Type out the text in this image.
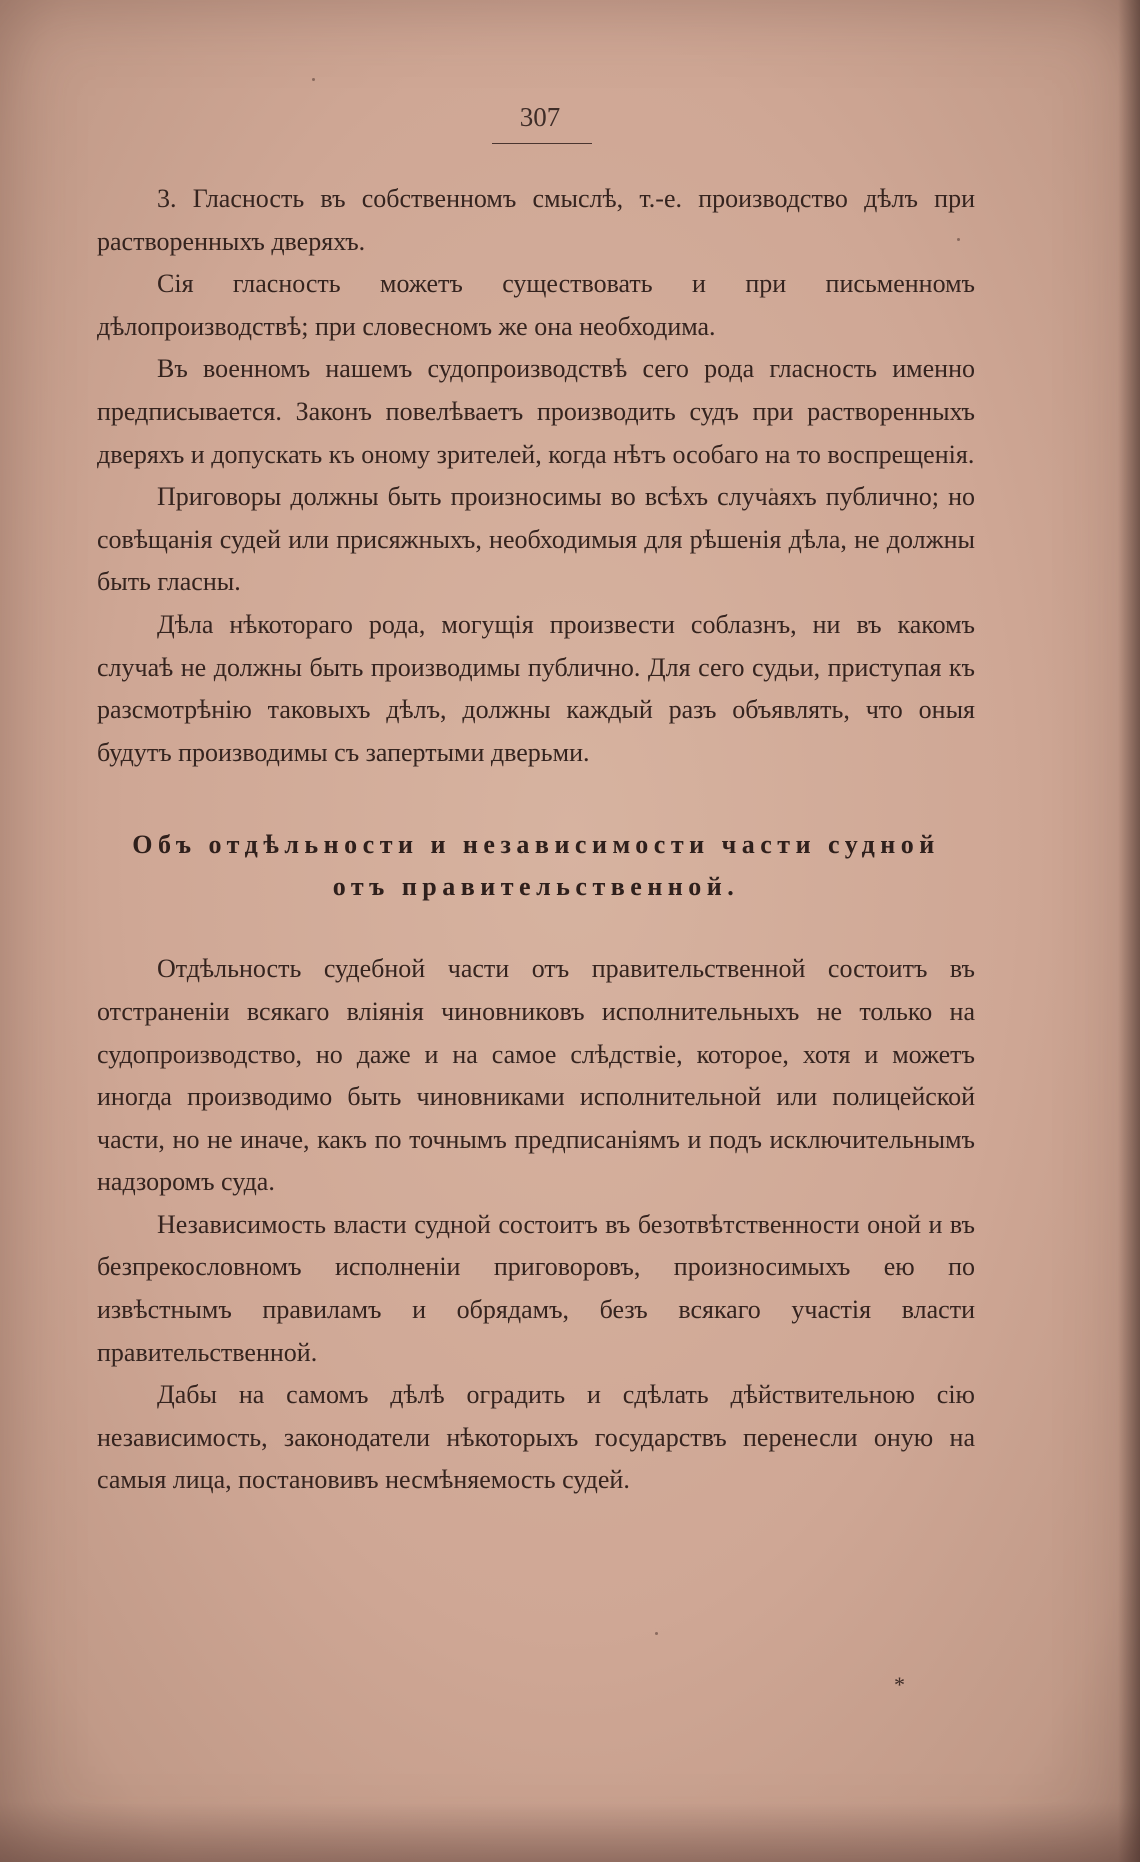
307

3. Гласность въ собственномъ смыслѣ, т.-е. производство дѣлъ при растворенныхъ дверяхъ.

Сія гласность можетъ существовать и при письменномъ дѣлопроизводствѣ; при словесномъ же она необходима.

Въ военномъ нашемъ судопроизводствѣ сего рода гласность именно предписывается. Законъ повелѣваетъ производить судъ при растворенныхъ дверяхъ и допускать къ оному зрителей, когда нѣтъ особаго на то воспрещенія.

Приговоры должны быть произносимы во всѣхъ случаяхъ публично; но совѣщанія судей или присяжныхъ, необходимыя для рѣшенія дѣла, не должны быть гласны.

Дѣла нѣкотораго рода, могущія произвести соблазнъ, ни въ какомъ случаѣ не должны быть производимы публично. Для сего судьи, приступая къ разсмотрѣнію таковыхъ дѣлъ, должны каждый разъ объявлять, что оныя будутъ производимы съ запертыми дверьми.

Объ отдѣльности и независимости части судной
отъ правительственной.

Отдѣльность судебной части отъ правительственной состоитъ въ отстраненіи всякаго вліянія чиновниковъ исполнительныхъ не только на судопроизводство, но даже и на самое слѣдствіе, которое, хотя и можетъ иногда производимо быть чиновниками исполнительной или полицейской части, но не иначе, какъ по точнымъ предписаніямъ и подъ исключительнымъ надзоромъ суда.

Независимость власти судной состоитъ въ безотвѣтственности оной и въ безпрекословномъ исполненіи приговоровъ, произносимыхъ ею по извѣстнымъ правиламъ и обрядамъ, безъ всякаго участія власти правительственной.

Дабы на самомъ дѣлѣ оградить и сдѣлать дѣйствительною сію независимость, законодатели нѣкоторыхъ государствъ перенесли оную на самыя лица, постановивъ несмѣняемость судей.

*
